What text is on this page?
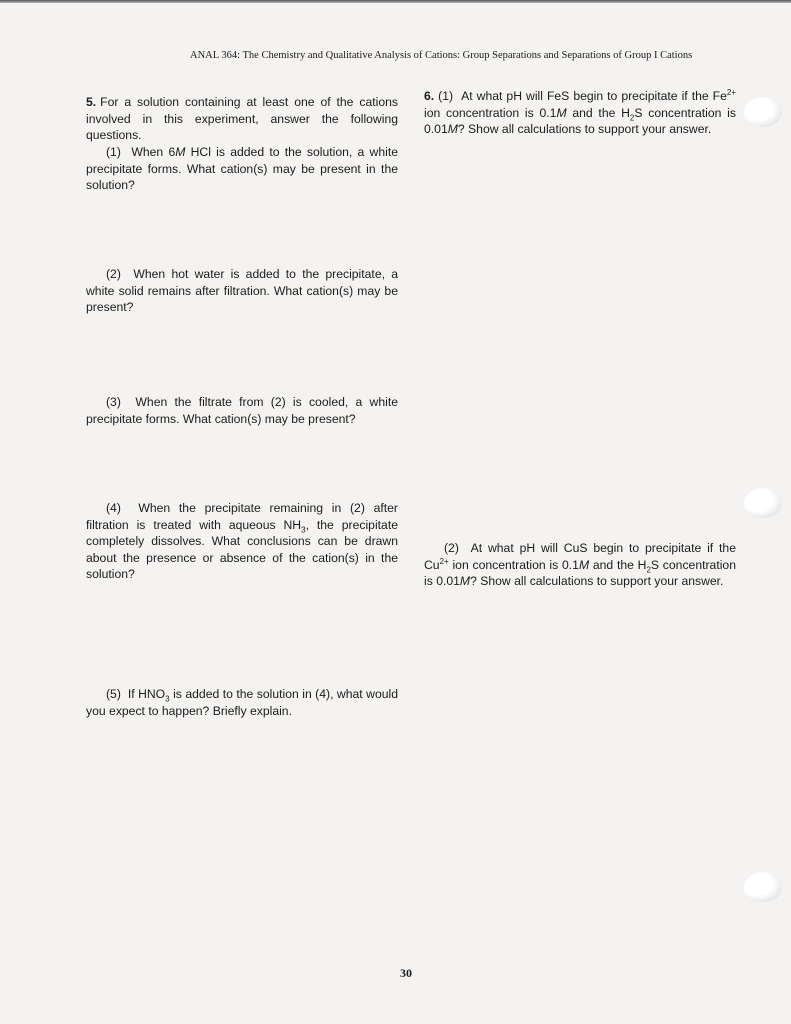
ANAL 364: The Chemistry and Qualitative Analysis of Cations: Group Separations and Separations of Group I Cations

5. For a solution containing at least one of the cations involved in this experiment, answer the following questions.

(1) When 6M HCl is added to the solution, a white precipitate forms. What cation(s) may be present in the solution?

(2) When hot water is added to the precipitate, a white solid remains after filtration. What cation(s) may be present?

(3) When the filtrate from (2) is cooled, a white precipitate forms. What cation(s) may be present?

(4) When the precipitate remaining in (2) after filtration is treated with aqueous $NH_3$, the precipitate completely dissolves. What conclusions can be drawn about the presence or absence of the cation(s) in the solution?

(5) If $HNO_3$ is added to the solution in (4), what would you expect to happen? Briefly explain.

6. (1) At what pH will FeS begin to precipitate if the $Fe^{2+}$ ion concentration is 0.1M and the $H_2S$ concentration is 0.01M? Show all calculations to support your answer.

(2) At what pH will CuS begin to precipitate if the $Cu^{2+}$ ion concentration is 0.1M and the $H_2S$ concentration is 0.01M? Show all calculations to support your answer.

30
